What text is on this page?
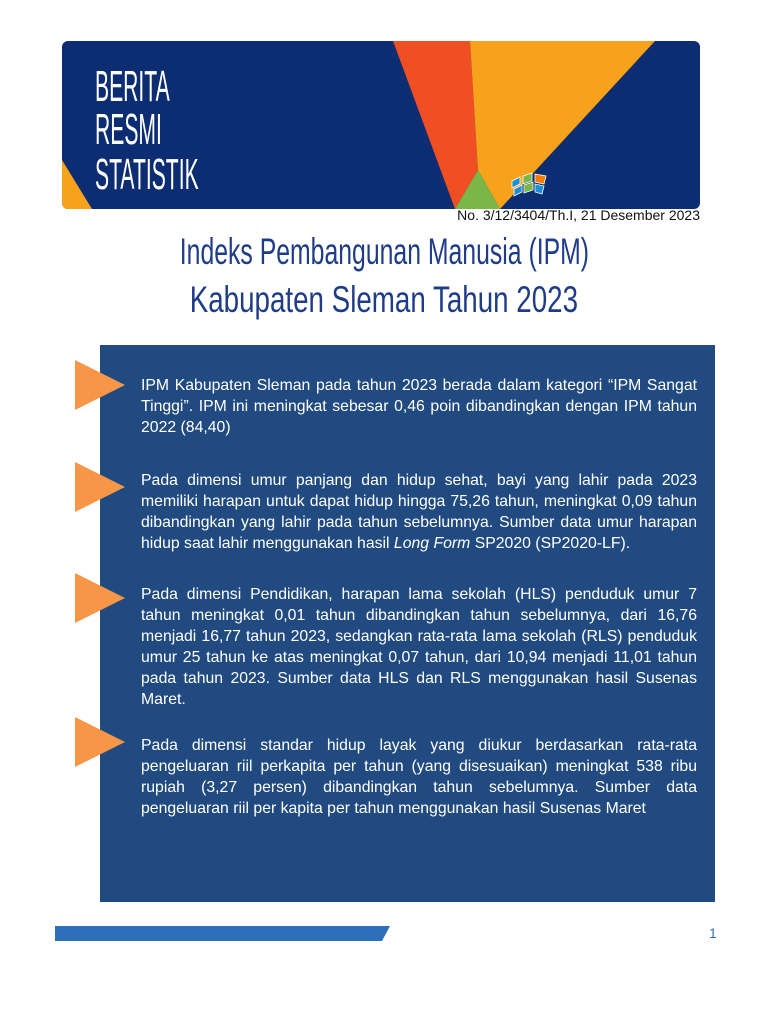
BERITA
RESMI
STATISTIK
No. 3/12/3404/Th.I, 21 Desember 2023
Indeks Pembangunan Manusia (IPM)
Kabupaten Sleman Tahun 2023

IPM Kabupaten Sleman pada tahun 2023 berada dalam kategori “IPM Sangat Tinggi”. IPM ini meningkat sebesar 0,46 poin dibandingkan dengan IPM tahun 2022 (84,40)

Pada dimensi umur panjang dan hidup sehat, bayi yang lahir pada 2023 memiliki harapan untuk dapat hidup hingga 75,26 tahun, meningkat 0,09 tahun dibandingkan yang lahir pada tahun sebelumnya. Sumber data umur harapan hidup saat lahir menggunakan hasil Long Form SP2020 (SP2020-LF).

Pada dimensi Pendidikan, harapan lama sekolah (HLS) penduduk umur 7 tahun meningkat 0,01 tahun dibandingkan tahun sebelumnya, dari 16,76 menjadi 16,77 tahun 2023, sedangkan rata-rata lama sekolah (RLS) penduduk umur 25 tahun ke atas meningkat 0,07 tahun, dari 10,94 menjadi 11,01 tahun pada tahun 2023. Sumber data HLS dan RLS menggunakan hasil Susenas Maret.

Pada dimensi standar hidup layak yang diukur berdasarkan rata-rata pengeluaran riil perkapita per tahun (yang disesuaikan) meningkat 538 ribu rupiah (3,27 persen) dibandingkan tahun sebelumnya. Sumber data pengeluaran riil per kapita per tahun menggunakan hasil Susenas Maret

1
